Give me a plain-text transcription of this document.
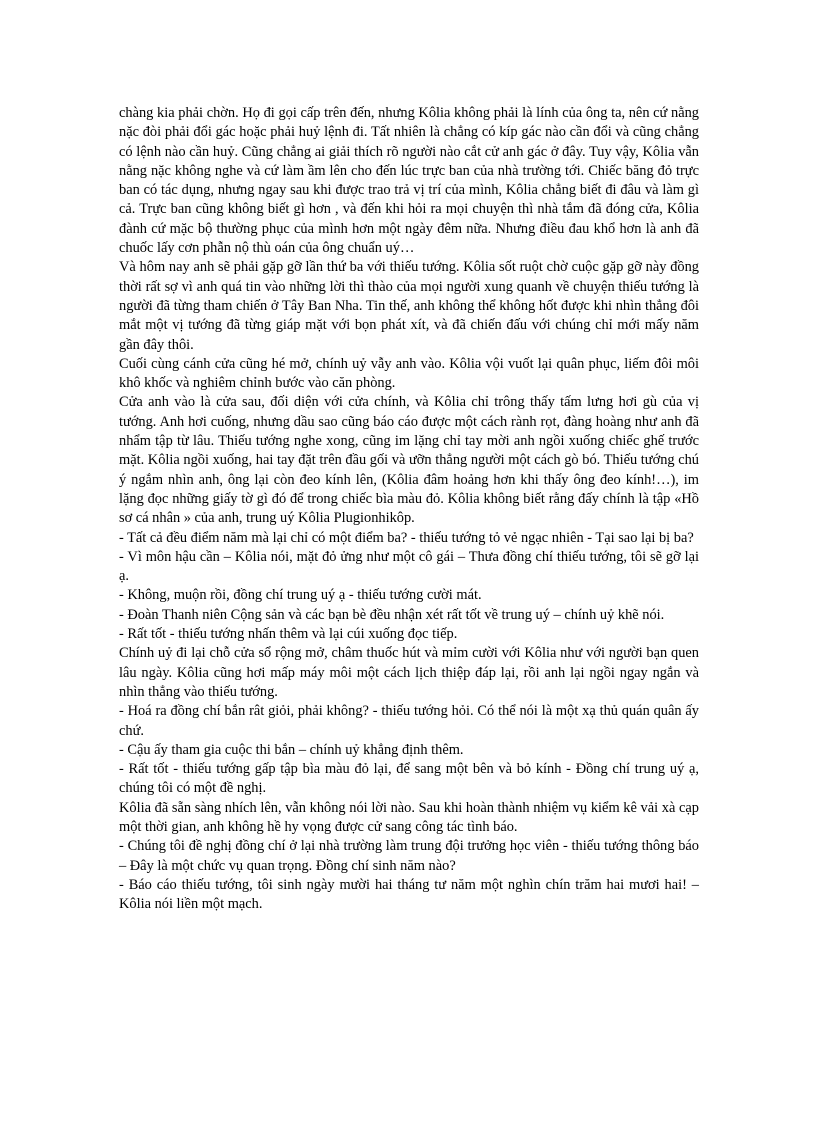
chàng kia phải chờn. Họ đi gọi cấp trên đến, nhưng Kôlia không phải là lính của ông ta, nên cứ nằng nặc đòi phải đổi gác hoặc phải huỷ lệnh đi. Tất nhiên là chẳng có kíp gác nào cần đổi và cũng chẳng có lệnh nào cần huỷ. Cũng chẳng ai giải thích rõ người nào cắt cử anh gác ở đây. Tuy vậy, Kôlia vẫn nằng nặc không nghe và cứ làm ầm lên cho đến lúc trực ban của nhà trường tới. Chiếc băng đỏ trực ban có tác dụng, nhưng ngay sau khi được trao trả vị trí của mình, Kôlia chẳng biết đi đâu và làm gì cả. Trực ban cũng không biết gì hơn , và đến khi hỏi ra mọi chuyện thì nhà tắm đã đóng cửa, Kôlia đành cứ mặc bộ thường phục của mình hơn một ngày đêm nữa. Nhưng điều đau khổ hơn là anh đã chuốc lấy cơn phẫn nộ thù oán của ông chuẩn uý…

Và hôm nay anh sẽ phải gặp gỡ lần thứ ba với thiếu tướng. Kôlia sốt ruột chờ cuộc gặp gỡ này đồng thời rất sợ vì anh quá tin vào những lời thì thào của mọi người xung quanh về chuyện thiếu tướng là người đã từng tham chiến ở Tây Ban Nha. Tin thế, anh không thể không hốt được khi nhìn thẳng đôi mắt một vị tướng đã từng giáp mặt với bọn phát xít, và đã chiến đấu với chúng chỉ mới mấy năm gần đây thôi.

Cuối cùng cánh cửa cũng hé mở, chính uỷ vẫy anh vào. Kôlia vội vuốt lại quân phục, liếm đôi môi khô khốc và nghiêm chỉnh bước vào căn phòng.

Cửa anh vào là cửa sau, đối diện với cửa chính, và Kôlia chỉ trông thấy tấm lưng hơi gù của vị tướng. Anh hơi cuống, nhưng dầu sao cũng báo cáo được một cách rành rọt, đàng hoàng như anh đã nhẩm tập từ lâu. Thiếu tướng nghe xong, cũng im lặng chỉ tay mời anh ngồi xuống chiếc ghế trước mặt. Kôlia ngồi xuống, hai tay đặt trên đầu gối và ưỡn thẳng người một cách gò bó. Thiếu tướng chú ý ngắm nhìn anh, ông lại còn đeo kính lên, (Kôlia đâm hoảng hơn khi thấy ông đeo kính!…), im lặng đọc những giấy tờ gì đó để trong chiếc bìa màu đỏ. Kôlia không biết rằng đấy chính là tập «Hồ sơ cá nhân » của anh, trung uý Kôlia Plugionhikôp.

- Tất cả đều điểm năm mà lại chỉ có một điểm ba? - thiếu tướng tỏ vẻ ngạc nhiên - Tại sao lại bị ba?

- Vì môn hậu cần – Kôlia nói, mặt đỏ ửng như một cô gái – Thưa đồng chí thiếu tướng, tôi sẽ gỡ lại ạ.

- Không, muộn rồi, đồng chí trung uý ạ - thiếu tướng cười mát.

- Đoàn Thanh niên Cộng sản và các bạn bè đều nhận xét rất tốt về trung uý – chính uỷ khẽ nói.

- Rất tốt - thiếu tướng nhấn thêm và lại cúi xuống đọc tiếp.

Chính uỷ đi lại chỗ cửa sổ rộng mở, châm thuốc hút và mỉm cười với Kôlia như với người bạn quen lâu ngày. Kôlia cũng hơi mấp máy môi một cách lịch thiệp đáp lại, rồi anh lại ngồi ngay ngắn và nhìn thẳng vào thiếu tướng.

- Hoá ra đồng chí bắn rât giỏi, phải không? - thiếu tướng hỏi. Có thể nói là một xạ thủ quán quân ấy chứ.

- Cậu ấy tham gia cuộc thi bắn – chính uỷ khẳng định thêm.

- Rất tốt - thiếu tướng gấp tập bìa màu đỏ lại, để sang một bên và bỏ kính - Đồng chí trung uý ạ, chúng tôi có một đề nghị.

Kôlia đã sẵn sàng nhích lên, vẫn không nói lời nào. Sau khi hoàn thành nhiệm vụ kiểm kê vải xà cạp một thời gian, anh không hề hy vọng được cử sang công tác tình báo.

- Chúng tôi đề nghị đồng chí ở lại nhà trường làm trung đội trưởng học viên - thiếu tướng thông báo – Đây là một chức vụ quan trọng. Đồng chí sinh năm nào?

- Báo cáo thiếu tướng, tôi sinh ngày mười hai tháng tư năm một nghìn chín trăm hai mươi hai! – Kôlia nói liền một mạch.
